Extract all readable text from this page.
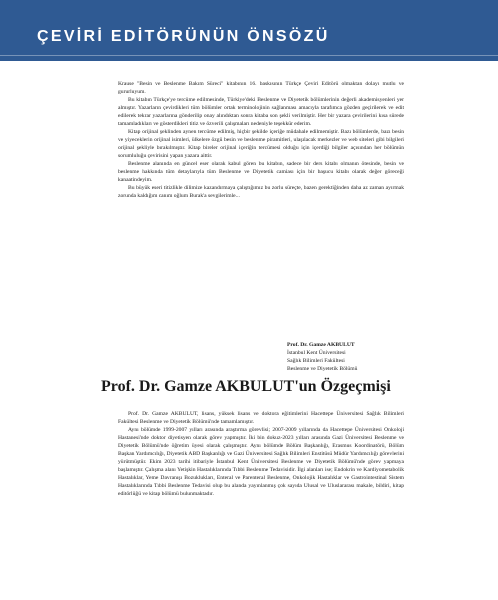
ÇEVİRİ EDİTÖRÜNÜN ÖNSÖZÜ

Krause "Besin ve Beslenme Bakım Süreci" kitabının 16. baskısının Türkçe Çeviri Editörü olmaktan dolayı mutlu ve gururluyum.

Bu kitabın Türkçe'ye tercüme edilmesinde, Türkiye'deki Beslenme ve Diyetetik bölümlerinin değerli akademisyenleri yer almıştır. Yazarların çevirdikleri tüm bölümler ortak terminolojinin sağlanması amacıyla tarafımca gözden geçirilerek ve edit edilerek tekrar yazarlarına gönderilip onay alındıktan sonra kitaba son şekli verilmiştir. Her bir yazara çevirilerini kısa sürede tamamladıkları ve gösterdikleri titiz ve özverili çalışmaları nedeniyle teşekkür ederim.

Kitap orijinal şeklinden aynen tercüme edilmiş, hiçbir şekilde içeriğe müdahale edilmemiştir. Bazı bölümlerde, bazı besin ve yiyeceklerin orijinal isimleri, ülkelere özgü besin ve beslenme piramitleri, ulaşılacak merkezler ve web siteleri gibi bilgileri orijinal şekliyle bırakılmıştır. Kitap bireler orijinal içeriğin tercümesi olduğu için içerdiği bilgiler açısından her bölümün sorumluluğu çevirisini yapan yazara aittir.

Beslenme alanında en güncel eser olarak kabul gören bu kitabın, sadece bir ders kitabı olmanın ötesinde, besin ve beslenme hakkında tüm detaylarıyla tüm Beslenme ve Diyetetik camiası için bir başucu kitabı olarak değer göreceği kanaatindeyim.

Bu büyük eseri titizlikle dilimize kazandırmaya çalıştığımız bu zorlu süreçte, bazen gerektiğinden daha az zaman ayırmak zorunda kaldığım canım oğlum Burak'a sevgilerimle...

Prof. Dr. Gamze AKBULUT
İstanbul Kent Üniversitesi
Sağlık Bilimleri Fakültesi
Beslenme ve Diyetetik Bölümü
Prof. Dr. Gamze AKBULUT'un Özgeçmişi

Prof. Dr. Gamze AKBULUT, lisans, yüksek lisans ve doktora eğitimlerini Hacettepe Üniversitesi Sağlık Bilimleri Fakültesi Beslenme ve Diyetetik Bölümü'nde tamamlamıştır.

Aynı bölümde 1999-2007 yılları arasında araştırma görevlisi; 2007-2009 yıllarında da Hacettepe Üniversitesi Onkoloji Hastanesi'nde doktor diyetisyen olarak görev yapmıştır. İki bin dokuz-2023 yılları arasında Gazi Üniversitesi Beslenme ve Diyetetik Bölümü'nde öğretim üyesi olarak çalışmıştır. Aynı bölümde Bölüm Başkanlığı, Erasmus Koordinatörü, Bölüm Başkan Yardımcılığı, Diyetetik ABD Başkanlığı ve Gazi Üniversitesi Sağlık Bilimleri Enstitüsü Müdür Yardımcılığı görevlerini yürütmüştür. Ekim 2023 tarihi itibariyle İstanbul Kent Üniversitesi Beslenme ve Diyetetik Bölümü'nde görev yapmaya başlamıştır. Çalışma alanı Yetişkin Hastalıklarında Tıbbi Beslenme Tedavisidir. İlgi alanları ise; Endokrin ve Kardiyometabolik Hastalıklar, Yeme Davranışı Bozuklukları, Enteral ve Parenteral Beslenme, Onkolojik Hastalıklar ve Gastrointestinal Sistem Hastalıklarında Tıbbi Beslenme Tedavisi olup bu alanda yayınlanmış çok sayıda Ulusal ve Uluslararası makale, bildiri, kitap editörlüğü ve kitap bölümü bulunmaktadır.
